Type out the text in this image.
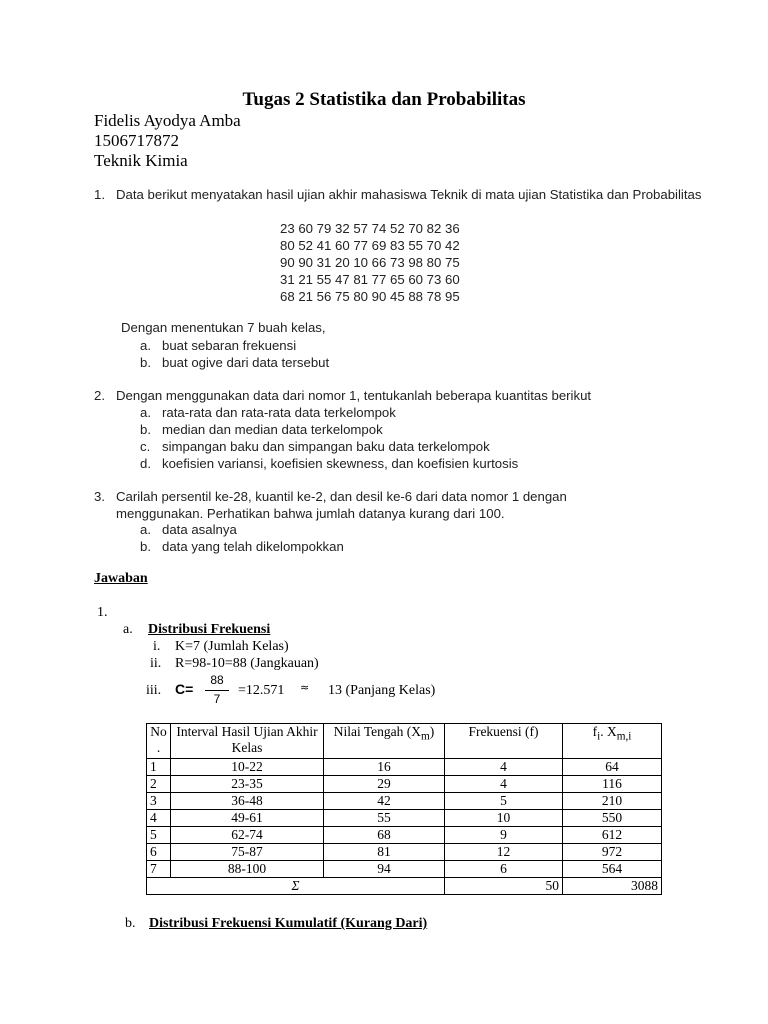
Tugas 2 Statistika dan Probabilitas
Fidelis Ayodya Amba
1506717872
Teknik Kimia
1. Data berikut menyatakan hasil ujian akhir mahasiswa Teknik di mata ujian Statistika dan Probabilitas
23 60 79 32 57 74 52 70 82 36
80 52 41 60 77 69 83 55 70 42
90 90 31 20 10 66 73 98 80 75
31 21 55 47 81 77 65 60 73 60
68 21 56 75 80 90 45 88 78 95
Dengan menentukan 7 buah kelas,
a. buat sebaran frekuensi
b. buat ogive dari data tersebut
2. Dengan menggunakan data dari nomor 1, tentukanlah beberapa kuantitas berikut
a. rata-rata dan rata-rata data terkelompok
b. median dan median data terkelompok
c. simpangan baku dan simpangan baku data terkelompok
d. koefisien variansi, koefisien skewness, dan koefisien kurtosis
3. Carilah persentil ke-28, kuantil ke-2, dan desil ke-6 dari data nomor 1 dengan menggunakan. Perhatikan bahwa jumlah datanya kurang dari 100.
a. data asalnya
b. data yang telah dikelompokkan
Jawaban
1.
a. Distribusi Frekuensi
i. K=7 (Jumlah Kelas)
ii. R=98-10=88 (Jangkauan)
iii. C=
88
7
=12.571 ≈ 13 (Panjang Kelas)
No .	Interval Hasil Ujian Akhir Kelas	Nilai Tengah $(X_m)$	Frekuensi (f)	$f_i$. $X_{m,i}$
1	10-22	16	4	64
2	23-35	29	4	116
3	36-48	42	5	210
4	49-61	55	10	550
5	62-74	68	9	612
6	75-87	81	12	972
7	88-100	94	6	564
Σ			50	3088
b. Distribusi Frekuensi Kumulatif (Kurang Dari)
